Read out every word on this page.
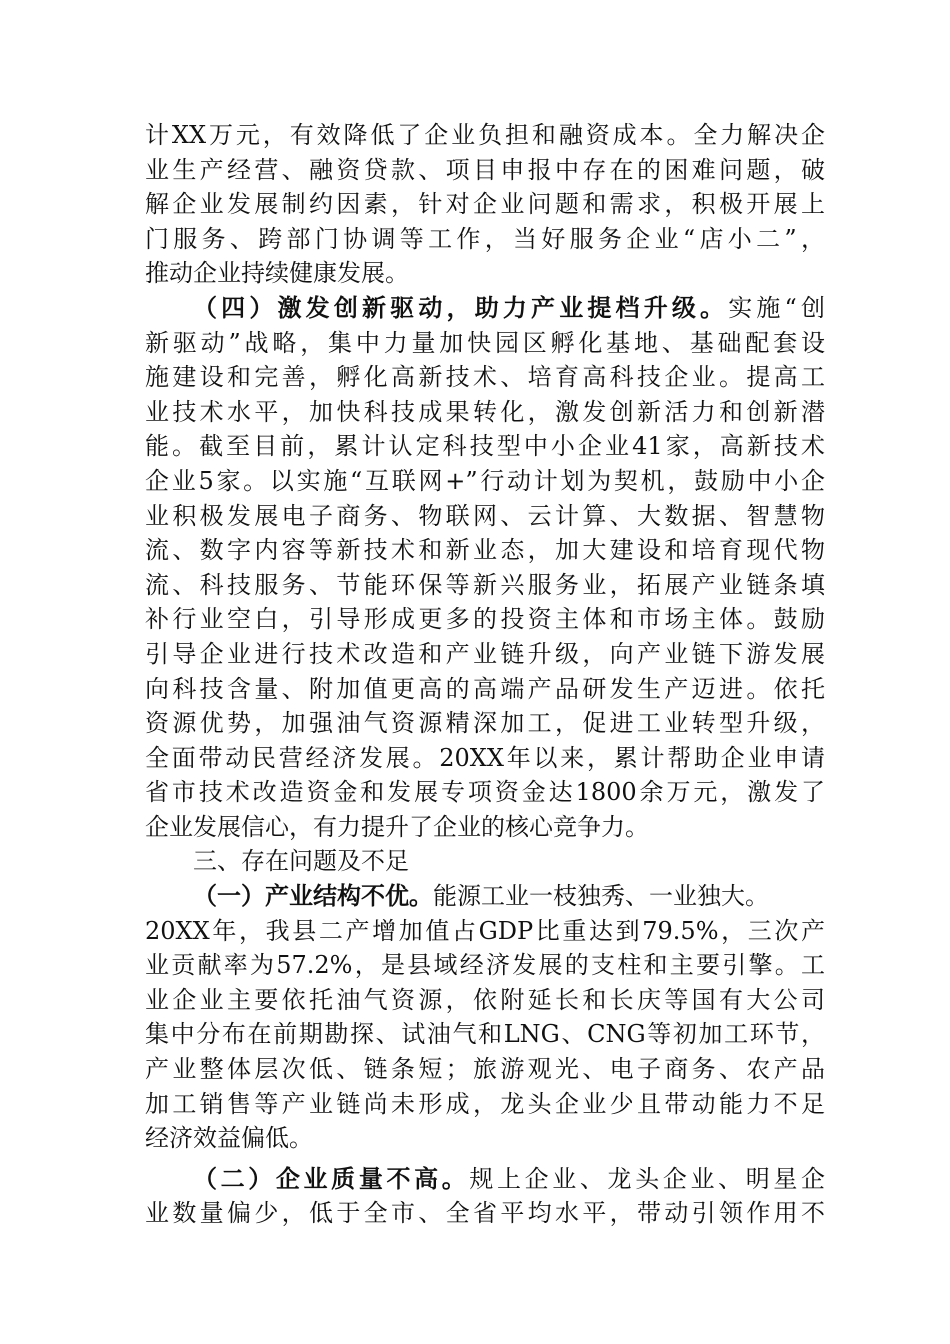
计XX万元，有效降低了企业负担和融资成本。全力解决企
业生产经营、融资贷款、项目申报中存在的困难问题，破
解企业发展制约因素，针对企业问题和需求，积极开展上
门服务、跨部门协调等工作，当好服务企业“店小二”，
推动企业持续健康发展。
（四）激发创新驱动，助力产业提档升级。实施“创
新驱动”战略，集中力量加快园区孵化基地、基础配套设
施建设和完善，孵化高新技术、培育高科技企业。提高工
业技术水平，加快科技成果转化，激发创新活力和创新潜
能。截至目前，累计认定科技型中小企业41家，高新技术
企业5家。以实施“互联网+”行动计划为契机，鼓励中小企
业积极发展电子商务、物联网、云计算、大数据、智慧物
流、数字内容等新技术和新业态，加大建设和培育现代物
流、科技服务、节能环保等新兴服务业，拓展产业链条填
补行业空白，引导形成更多的投资主体和市场主体。鼓励
引导企业进行技术改造和产业链升级，向产业链下游发展
向科技含量、附加值更高的高端产品研发生产迈进。依托
资源优势，加强油气资源精深加工，促进工业转型升级，
全面带动民营经济发展。20XX年以来，累计帮助企业申请
省市技术改造资金和发展专项资金达1800余万元，激发了
企业发展信心，有力提升了企业的核心竞争力。
三、存在问题及不足
（一）产业结构不优。能源工业一枝独秀、一业独大。
20XX年，我县二产增加值占GDP比重达到79.5%，三次产
业贡献率为57.2%，是县域经济发展的支柱和主要引擎。工
业企业主要依托油气资源，依附延长和长庆等国有大公司
集中分布在前期勘探、试油气和LNG、CNG等初加工环节，
产业整体层次低、链条短；旅游观光、电子商务、农产品
加工销售等产业链尚未形成，龙头企业少且带动能力不足
经济效益偏低。
（二）企业质量不高。规上企业、龙头企业、明星企
业数量偏少，低于全市、全省平均水平，带动引领作用不
